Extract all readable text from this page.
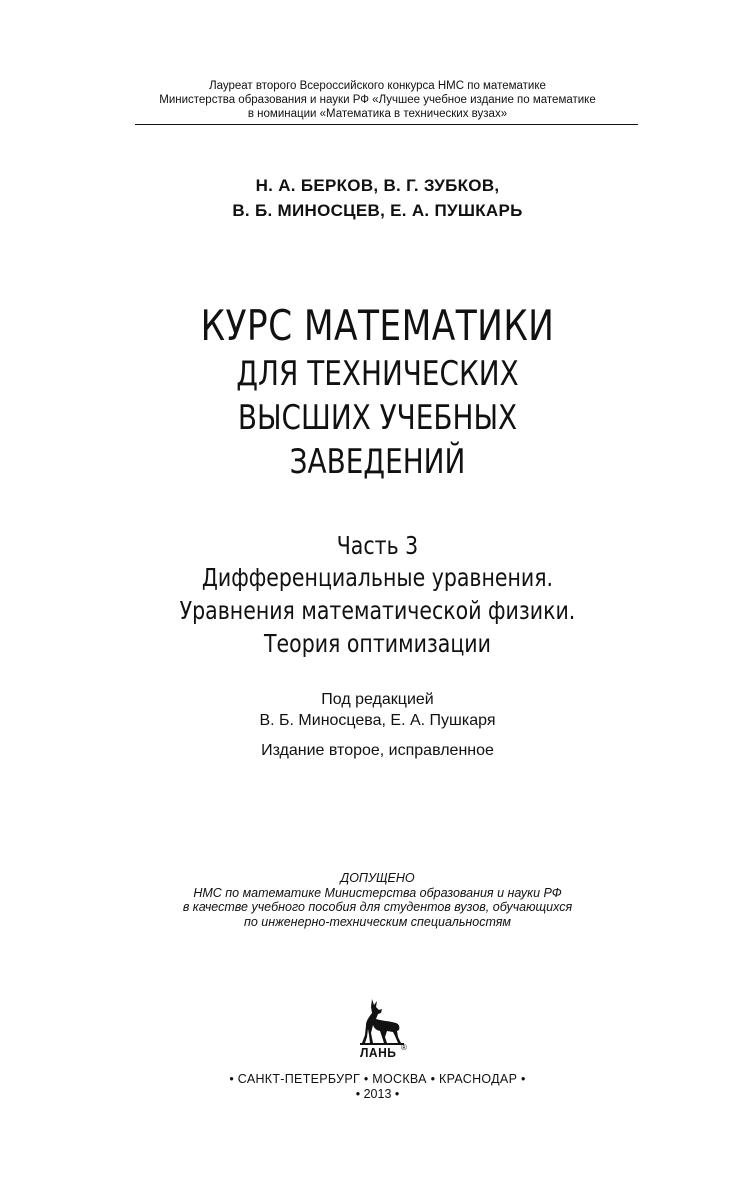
Лауреат второго Всероссийского конкурса НМС по математике
Министерства образования и науки РФ «Лучшее учебное издание по математике
в номинации «Математика в технических вузах»
Н. А. БЕРКОВ, В. Г. ЗУБКОВ,
В. Б. МИНОСЦЕВ, Е. А. ПУШКАРЬ
КУРС МАТЕМАТИКИ
ДЛЯ ТЕХНИЧЕСКИХ
ВЫСШИХ УЧЕБНЫХ
ЗАВЕДЕНИЙ
Часть 3
Дифференциальные уравнения.
Уравнения математической физики.
Теория оптимизации
Под редакцией
В. Б. Миносцева, Е. А. Пушкаря
Издание второе, исправленное
ДОПУЩЕНО
НМС по математике Министерства образования и науки РФ
в качестве учебного пособия для студентов вузов, обучающихся
по инженерно-техническим специальностям
ЛАНЬ ®
• САНКТ-ПЕТЕРБУРГ • МОСКВА • КРАСНОДАР •
• 2013 •
